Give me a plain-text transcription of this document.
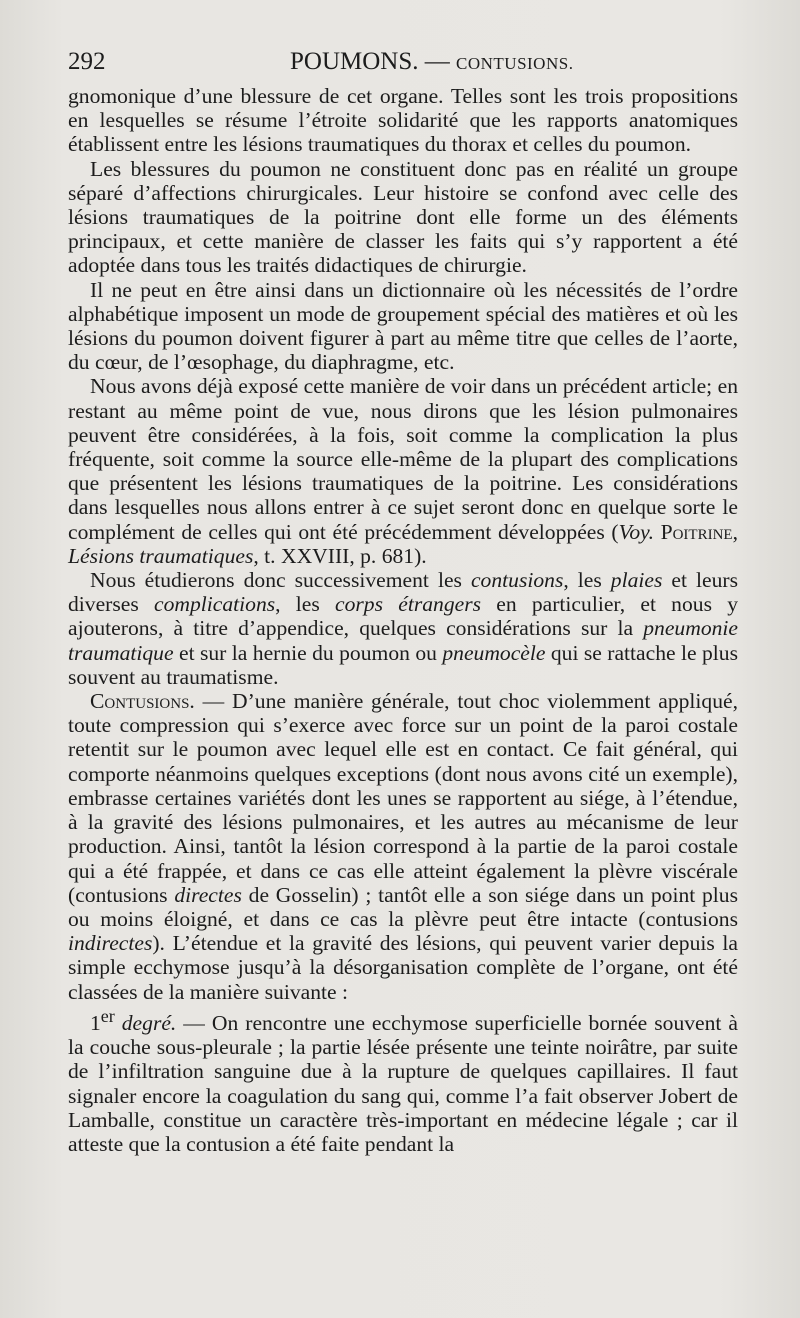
292	POUMONS. — CONTUSIONS.

gnomonique d’une blessure de cet organe. Telles sont les trois propositions en lesquelles se résume l’étroite solidarité que les rapports anatomiques établissent entre les lésions traumatiques du thorax et celles du poumon.

Les blessures du poumon ne constituent donc pas en réalité un groupe séparé d’affections chirurgicales. Leur histoire se confond avec celle des lésions traumatiques de la poitrine dont elle forme un des éléments principaux, et cette manière de classer les faits qui s’y rapportent a été adoptée dans tous les traités didactiques de chirurgie.

Il ne peut en être ainsi dans un dictionnaire où les nécessités de l’ordre alphabétique imposent un mode de groupement spécial des matières et où les lésions du poumon doivent figurer à part au même titre que celles de l’aorte, du cœur, de l’œsophage, du diaphragme, etc.

Nous avons déjà exposé cette manière de voir dans un précédent article; en restant au même point de vue, nous dirons que les lésion pulmonaires peuvent être considérées, à la fois, soit comme la complication la plus fréquente, soit comme la source elle-même de la plupart des complications que présentent les lésions traumatiques de la poitrine. Les considérations dans lesquelles nous allons entrer à ce sujet seront donc en quelque sorte le complément de celles qui ont été précédemment développées (Voy. Poitrine, Lésions traumatiques, t. XXVIII, p. 681).

Nous étudierons donc successivement les contusions, les plaies et leurs diverses complications, les corps étrangers en particulier, et nous y ajouterons, à titre d’appendice, quelques considérations sur la pneumonie traumatique et sur la hernie du poumon ou pneumocèle qui se rattache le plus souvent au traumatisme.

Contusions. — D’une manière générale, tout choc violemment appliqué, toute compression qui s’exerce avec force sur un point de la paroi costale retentit sur le poumon avec lequel elle est en contact. Ce fait général, qui comporte néanmoins quelques exceptions (dont nous avons cité un exemple), embrasse certaines variétés dont les unes se rapportent au siége, à l’étendue, à la gravité des lésions pulmonaires, et les autres au mécanisme de leur production. Ainsi, tantôt la lésion correspond à la partie de la paroi costale qui a été frappée, et dans ce cas elle atteint également la plèvre viscérale (contusions directes de Gosselin) ; tantôt elle a son siége dans un point plus ou moins éloigné, et dans ce cas la plèvre peut être intacte (contusions indirectes). L’étendue et la gravité des lésions, qui peuvent varier depuis la simple ecchymose jusqu’à la désorganisation complète de l’organe, ont été classées de la manière suivante :

1er degré. — On rencontre une ecchymose superficielle bornée souvent à la couche sous-pleurale ; la partie lésée présente une teinte noirâtre, par suite de l’infiltration sanguine due à la rupture de quelques capillaires. Il faut signaler encore la coagulation du sang qui, comme l’a fait observer Jobert de Lamballe, constitue un caractère très-important en médecine légale ; car il atteste que la contusion a été faite pendant la
